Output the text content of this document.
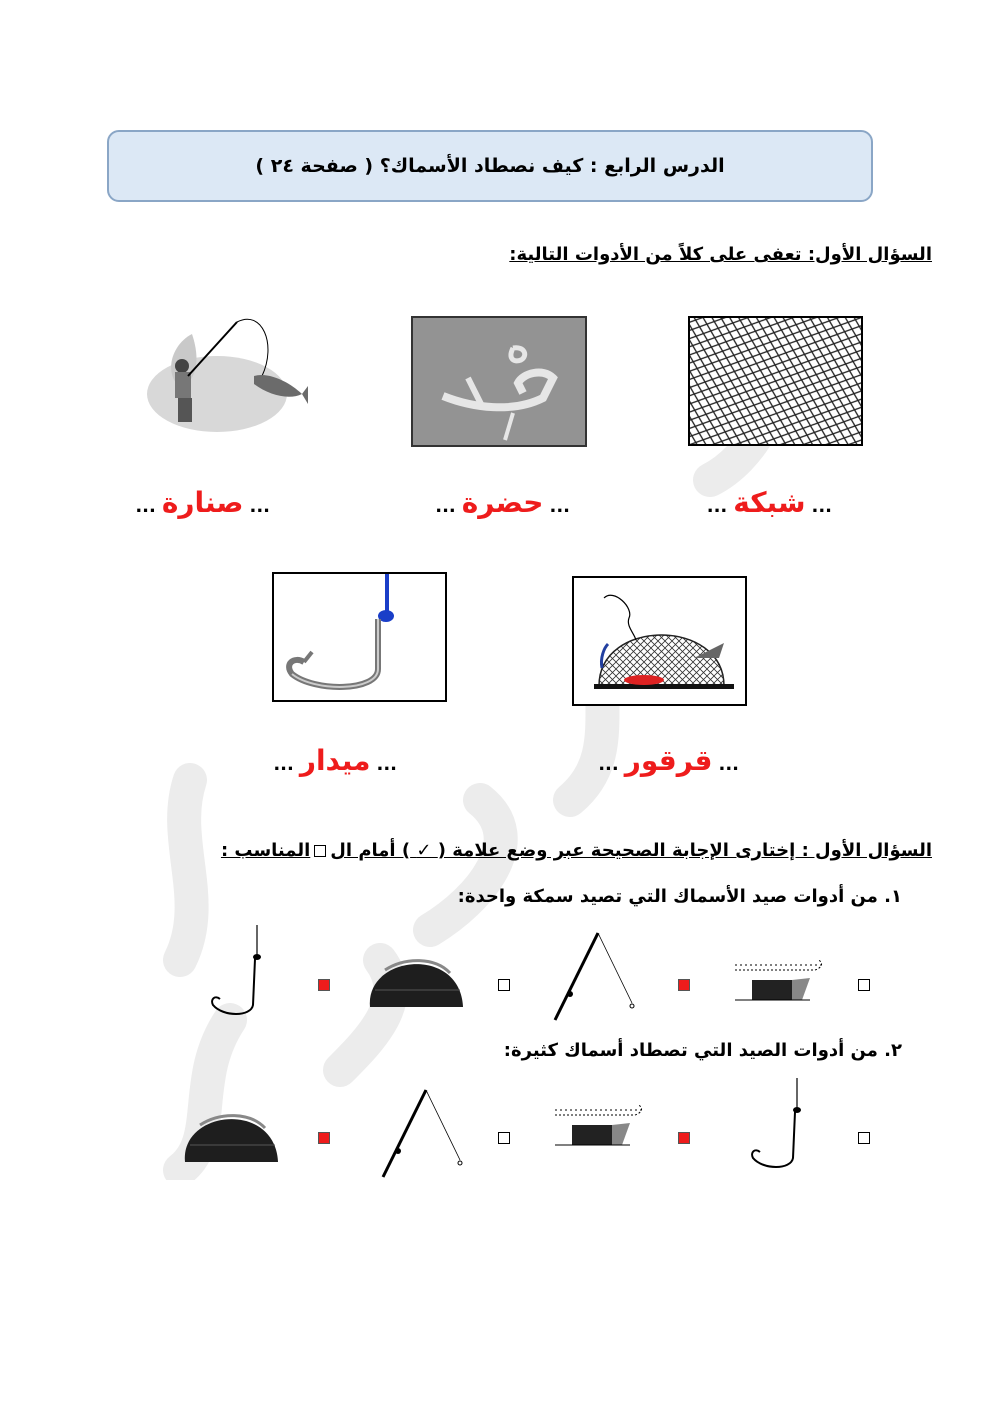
الدرس الرابع : كيف نصطاد الأسماك؟ ( صفحة ٢٤ )
السؤال الأول: تعفى على كلاً من الأدوات التالية:
...
شبكة
...
...
حضرة
...
...
صنارة
...
...
قرقور
...
...
ميدار
...
السؤال الأول : إختارى الإجابة الصحيحة عبر وضع علامة ( ✓ ) أمام الالمناسب :
١. من أدوات صيد الأسماك التي تصيد سمكة واحدة:
٢. من أدوات الصيد التي تصطاد أسماك كثيرة:
